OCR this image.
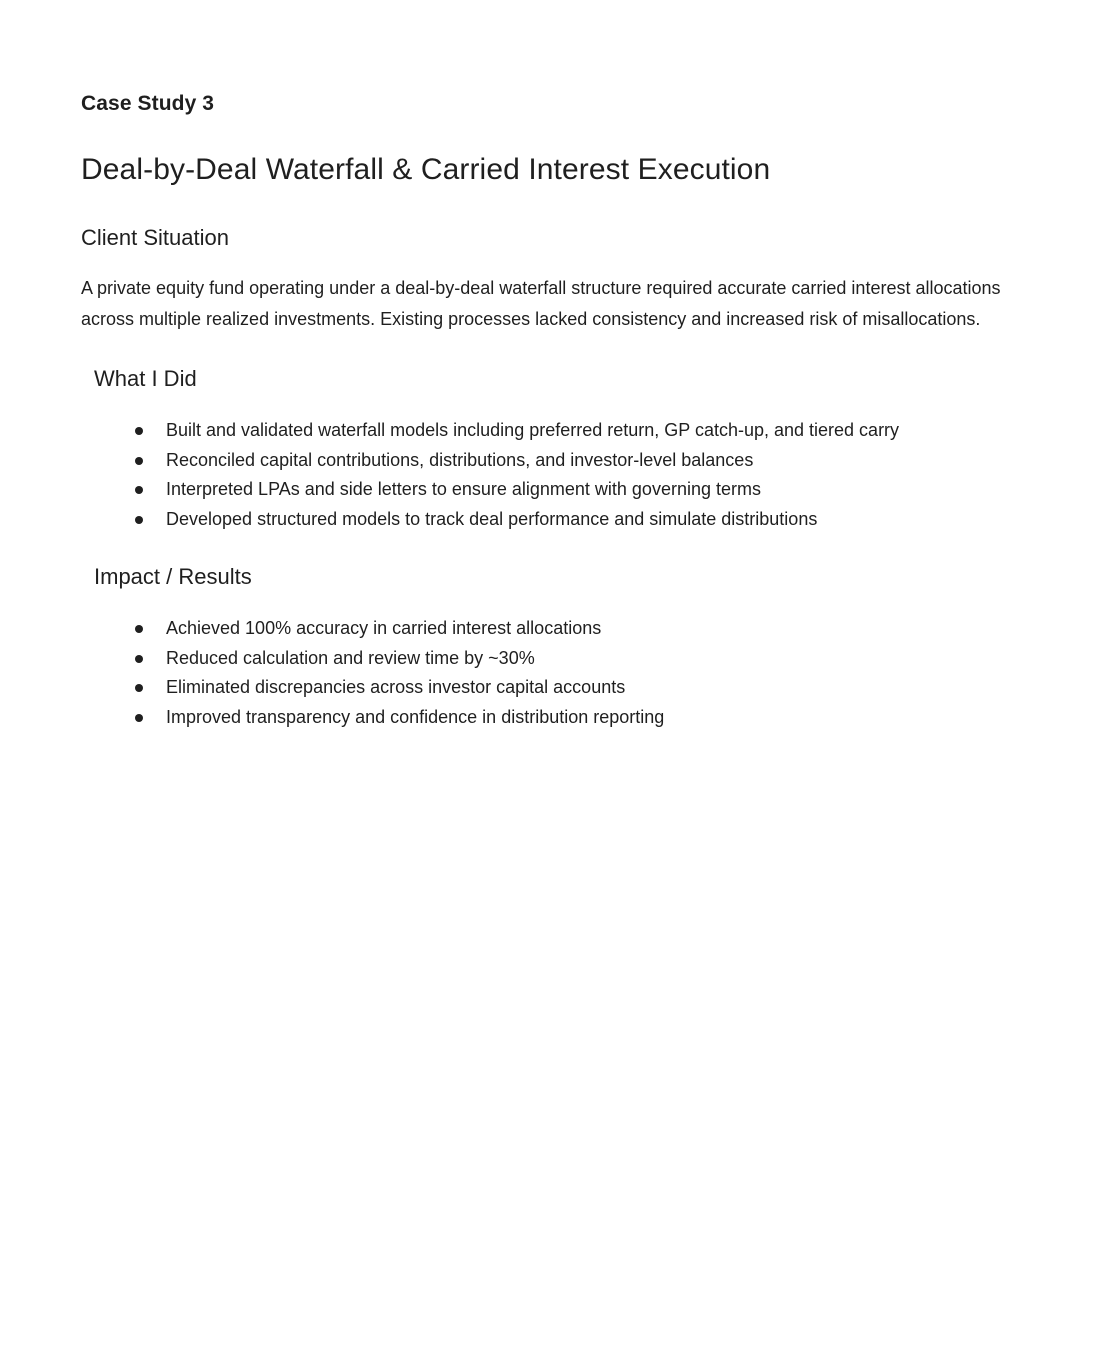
Case Study 3

Deal-by-Deal Waterfall & Carried Interest Execution
Client Situation

A private equity fund operating under a deal-by-deal waterfall structure required accurate carried interest allocations across multiple realized investments. Existing processes lacked consistency and increased risk of misallocations.

What I Did
Built and validated waterfall models including preferred return, GP catch-up, and tiered carry
Reconciled capital contributions, distributions, and investor-level balances
Interpreted LPAs and side letters to ensure alignment with governing terms
Developed structured models to track deal performance and simulate distributions
Impact / Results
Achieved 100% accuracy in carried interest allocations
Reduced calculation and review time by ~30%
Eliminated discrepancies across investor capital accounts
Improved transparency and confidence in distribution reporting
